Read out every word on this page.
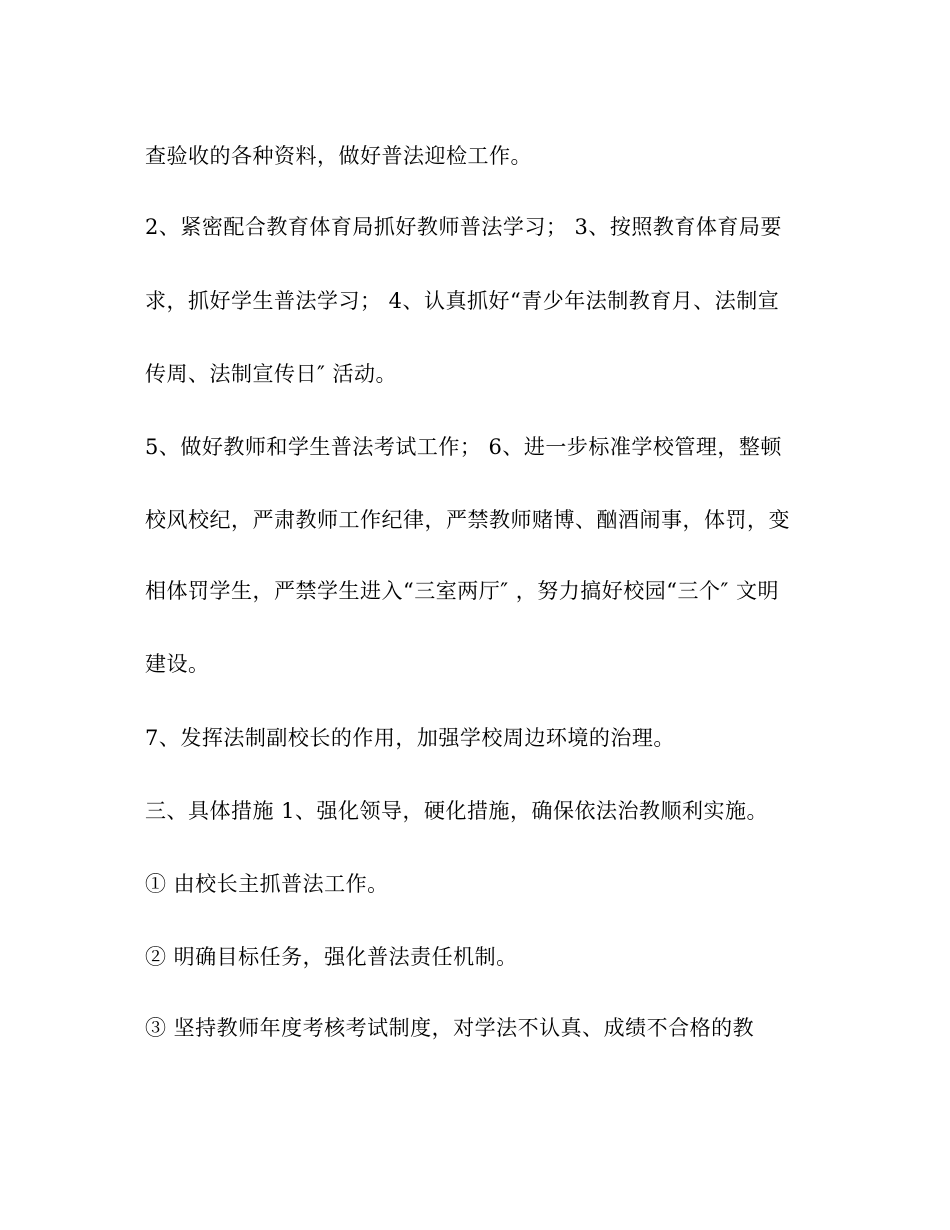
查验收的各种资料，做好普法迎检工作。
2、紧密配合教育体育局抓好教师普法学习； 3、按照教育体育局要
求，抓好学生普法学习； 4、认真抓好“青少年法制教育月、法制宣
传周、法制宣传日″ 活动。
5、做好教师和学生普法考试工作； 6、进一步标准学校管理，整顿
校风校纪，严肃教师工作纪律，严禁教师赌博、酗酒闹事，体罚，变
相体罚学生，严禁学生进入“三室两厅″ ，努力搞好校园“三个″ 文明
建设。
7、发挥法制副校长的作用，加强学校周边环境的治理。
三、具体措施 1、强化领导，硬化措施，确保依法治教顺利实施。
① 由校长主抓普法工作。
② 明确目标任务，强化普法责任机制。
③ 坚持教师年度考核考试制度，对学法不认真、成绩不合格的教
